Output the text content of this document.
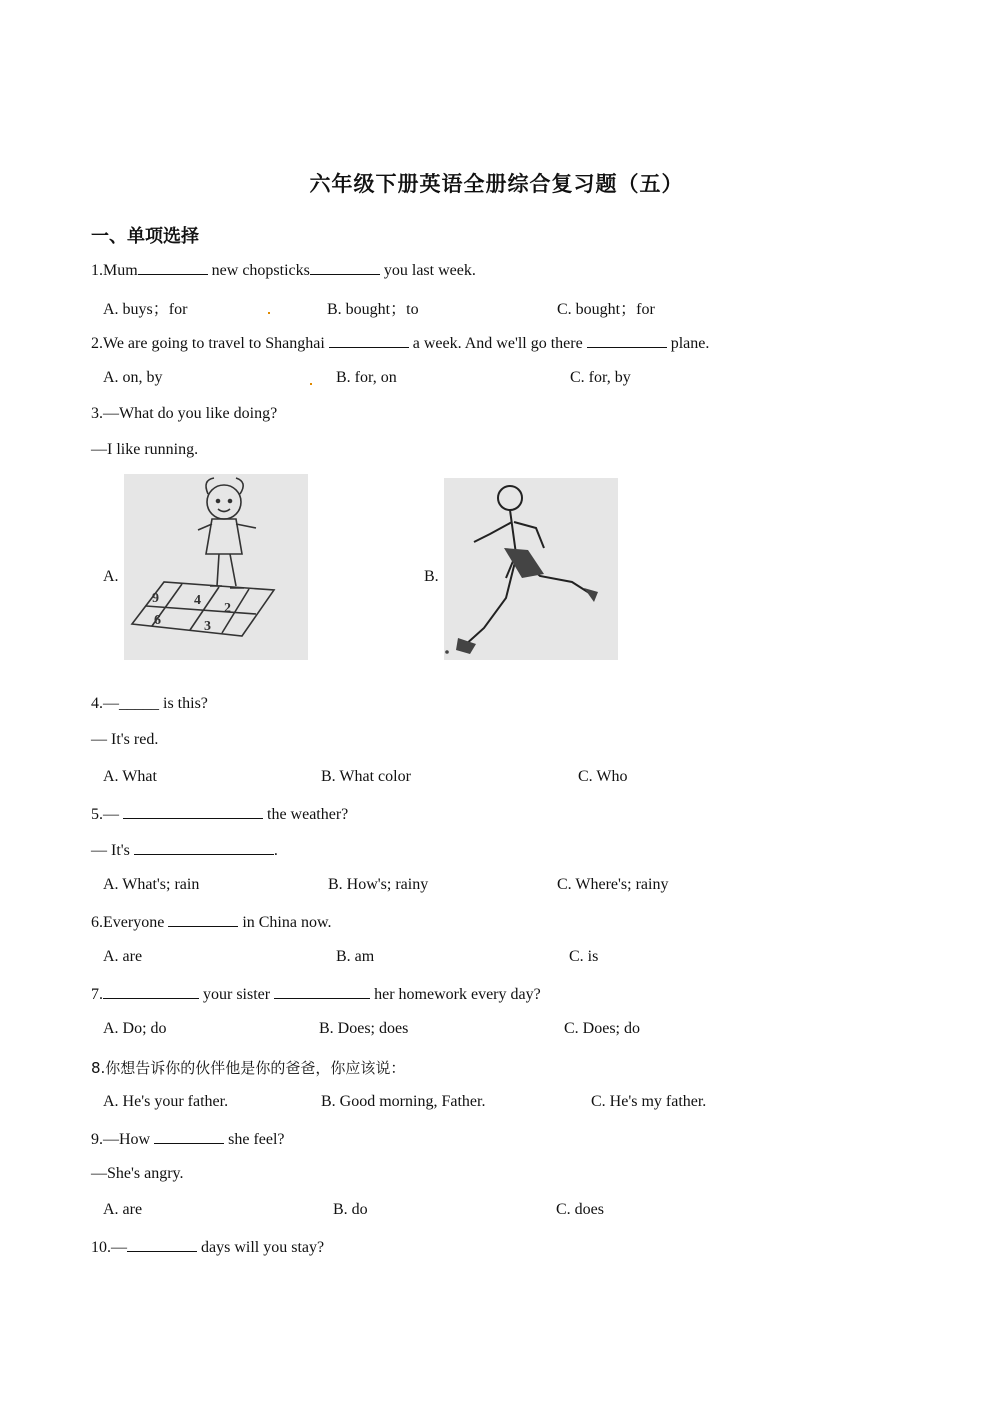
六年级下册英语全册综合复习题（五）
一、单项选择
1.Mum	new chopsticks	you last week.
A. buys；for	B. bought；to	C. bought；for
2.We are going to travel to Shanghai	a week. And we'll go there	plane.
A. on, by	B. for, on	C. for, by
3.—What do you like doing?
—I like running.
A.
9
6
4
2
3
B.
4.—_____ is this?
— It's red.
A. What	B. What color	C. Who
5.—	the weather?
— It's	.
A. What's; rain	B. How's; rainy	C. Where's; rainy
6.Everyone	in China now.
A. are	B. am	C. is
7.	your sister	her homework every day?
A. Do; do	B. Does; does	C. Does; do
8.你想告诉你的伙伴他是你的爸爸，你应该说：
A. He's your father.	B. Good morning, Father.	C. He's my father.
9.—How	she feel?
—She's angry.
A. are	B. do	C. does
10.—	days will you stay?
